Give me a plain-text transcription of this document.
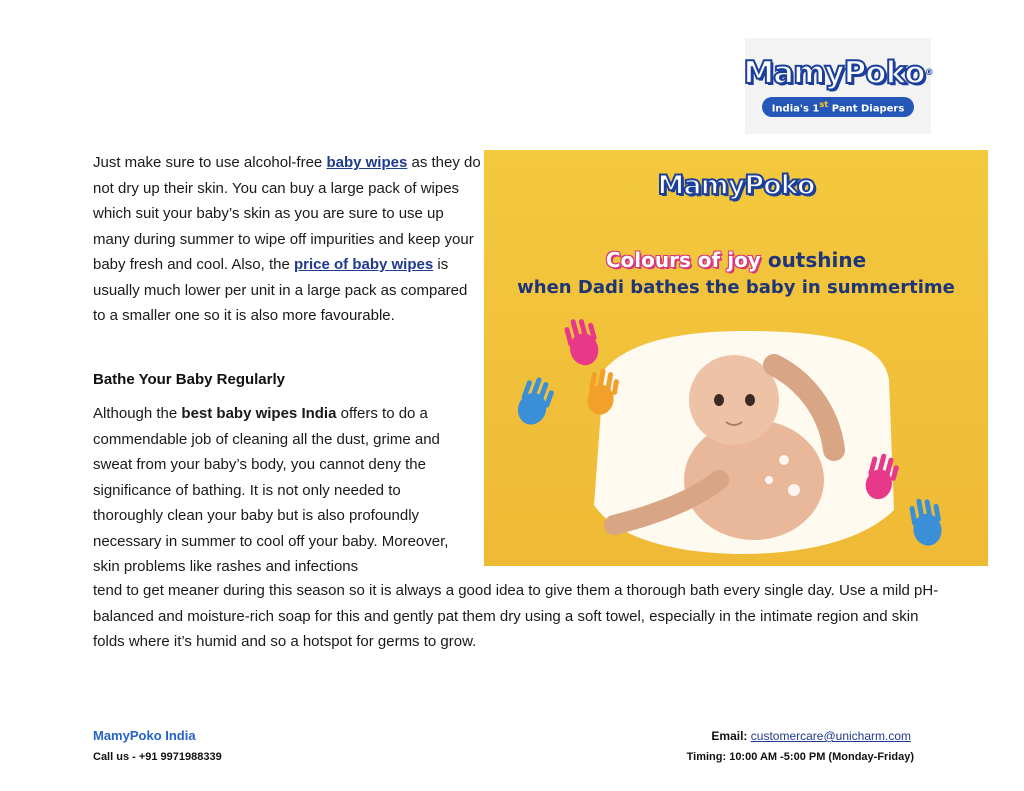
MamyPoko®
India's 1st Pant Diapers

Just make sure to use alcohol-free baby wipes as they do not dry up their skin. You can buy a large pack of wipes which suit your baby’s skin as you are sure to use up many during summer to wipe off impurities and keep your baby fresh and cool. Also, the price of baby wipes is usually much lower per unit in a large pack as compared to a smaller one so it is also more favourable.

Bathe Your Baby Regularly

Although the best baby wipes India offers to do a commendable job of cleaning all the dust, grime and sweat from your baby’s body, you cannot deny the significance of bathing. It is not only needed to thoroughly clean your baby but is also profoundly necessary in summer to cool off your baby. Moreover, skin problems like rashes and infections

tend to get meaner during this season so it is always a good idea to give them a thorough bath every single day. Use a mild pH-balanced and moisture-rich soap for this and gently pat them dry using a soft towel, especially in the intimate region and skin folds where it’s humid and so a hotspot for germs to grow.

MamyPoko
Colours of joy outshine
when Dadi bathes the baby in summertime
MamyPoko India
Call us - +91 9971988339
Email: customercare@unicharm.com
Timing: 10:00 AM -5:00 PM (Monday-Friday)
